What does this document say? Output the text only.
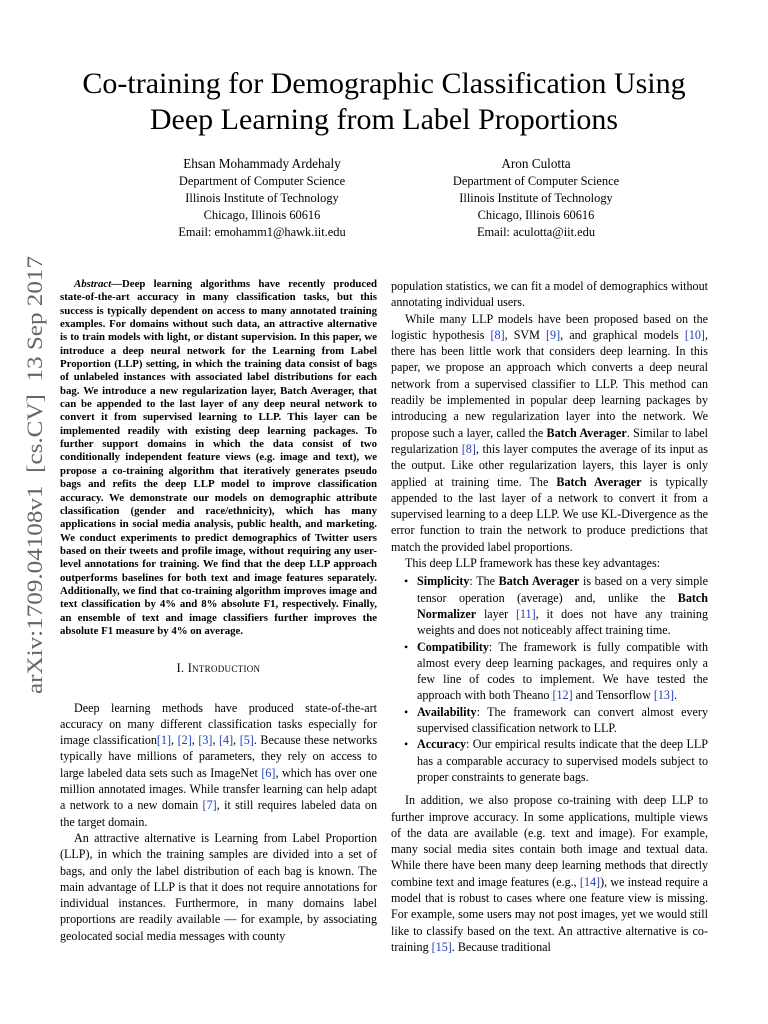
arXiv:1709.04108v1  [cs.CV]  13 Sep 2017
Co-training for Demographic Classification Using
Deep Learning from Label Proportions
Ehsan Mohammady Ardehaly
Department of Computer Science
Illinois Institute of Technology
Chicago, Illinois 60616
Email: emohamm1@hawk.iit.edu
Aron Culotta
Department of Computer Science
Illinois Institute of Technology
Chicago, Illinois 60616
Email: aculotta@iit.edu

Abstract—Deep learning algorithms have recently produced state-of-the-art accuracy in many classification tasks, but this success is typically dependent on access to many annotated training examples. For domains without such data, an attractive alternative is to train models with light, or distant supervision. In this paper, we introduce a deep neural network for the Learning from Label Proportion (LLP) setting, in which the training data consist of bags of unlabeled instances with associated label distributions for each bag. We introduce a new regularization layer, Batch Averager, that can be appended to the last layer of any deep neural network to convert it from supervised learning to LLP. This layer can be implemented readily with existing deep learning packages. To further support domains in which the data consist of two conditionally independent feature views (e.g. image and text), we propose a co-training algorithm that iteratively generates pseudo bags and refits the deep LLP model to improve classification accuracy. We demonstrate our models on demographic attribute classification (gender and race/ethnicity), which has many applications in social media analysis, public health, and marketing. We conduct experiments to predict demographics of Twitter users based on their tweets and profile image, without requiring any user-level annotations for training. We find that the deep LLP approach outperforms baselines for both text and image features separately. Additionally, we find that co-training algorithm improves image and text classification by 4% and 8% absolute F1, respectively. Finally, an ensemble of text and image classifiers further improves the absolute F1 measure by 4% on average.

I. Introduction

Deep learning methods have produced state-of-the-art accuracy on many different classification tasks especially for image classification[1], [2], [3], [4], [5]. Because these networks typically have millions of parameters, they rely on access to large labeled data sets such as ImageNet [6], which has over one million annotated images. While transfer learning can help adapt a network to a new domain [7], it still requires labeled data on the target domain.

An attractive alternative is Learning from Label Proportion (LLP), in which the training samples are divided into a set of bags, and only the label distribution of each bag is known. The main advantage of LLP is that it does not require annotations for individual instances. Furthermore, in many domains label proportions are readily available — for example, by associating geolocated social media messages with county

population statistics, we can fit a model of demographics without annotating individual users.

While many LLP models have been proposed based on the logistic hypothesis [8], SVM [9], and graphical models [10], there has been little work that considers deep learning. In this paper, we propose an approach which converts a deep neural network from a supervised classifier to LLP. This method can readily be implemented in popular deep learning packages by introducing a new regularization layer into the network. We propose such a layer, called the Batch Averager. Similar to label regularization [8], this layer computes the average of its input as the output. Like other regularization layers, this layer is only applied at training time. The Batch Averager is typically appended to the last layer of a network to convert it from a supervised learning to a deep LLP. We use KL-Divergence as the error function to train the network to produce predictions that match the provided label proportions.

This deep LLP framework has these key advantages:

• Simplicity: The Batch Averager is based on a very simple tensor operation (average) and, unlike the Batch Normalizer layer [11], it does not have any training weights and does not noticeably affect training time.
• Compatibility: The framework is fully compatible with almost every deep learning packages, and requires only a few line of codes to implement. We have tested the approach with both Theano [12] and Tensorflow [13].
• Availability: The framework can convert almost every supervised classification network to LLP.
• Accuracy: Our empirical results indicate that the deep LLP has a comparable accuracy to supervised models subject to proper constraints to generate bags.

In addition, we also propose co-training with deep LLP to further improve accuracy. In some applications, multiple views of the data are available (e.g. text and image). For example, many social media sites contain both image and textual data. While there have been many deep learning methods that directly combine text and image features (e.g., [14]), we instead require a model that is robust to cases where one feature view is missing. For example, some users may not post images, yet we would still like to classify based on the text. An attractive alternative is co-training [15]. Because traditional
